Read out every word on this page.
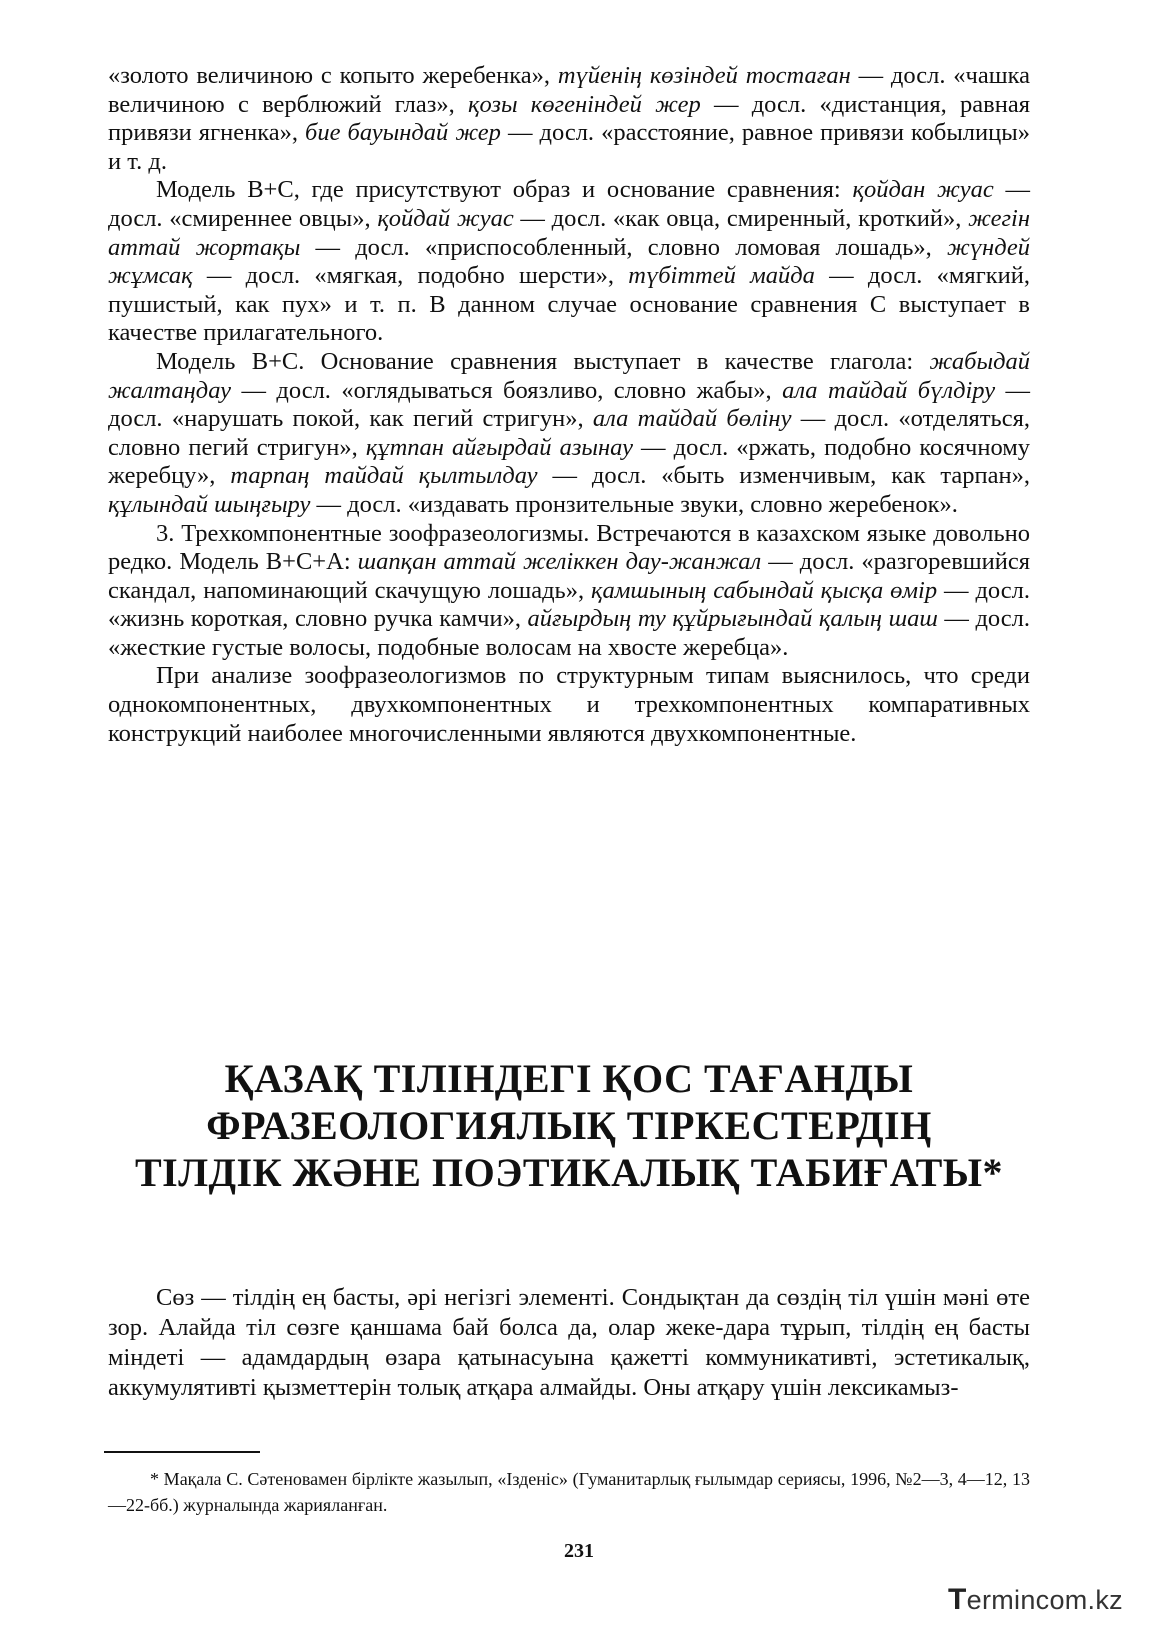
«золото величиною с копыто жеребенка», түйенің көзіндей тостаған — досл. «чашка величиною с верблюжий глаз», қозы көгеніндей жер — досл. «дистанция, равная привязи ягненка», бие бауындай жер — досл. «расстояние, равное привязи кобылицы» и т. д.

Модель В+С, где присутствуют образ и основание сравнения: қойдан жуас — досл. «смиреннее овцы», қойдай жуас — досл. «как овца, смиренный, кроткий», жегін аттай жортақы — досл. «приспособленный, словно ломовая лошадь», жүндей жұмсақ — досл. «мягкая, подобно шерсти», түбіттей майда — досл. «мягкий, пушистый, как пух» и т. п. В данном случае основание сравнения С выступает в качестве прилагательного.

Модель В+С. Основание сравнения выступает в качестве глагола: жабыдай жалтаңдау — досл. «оглядываться боязливо, словно жабы», ала тайдай бүлдіру — досл. «нарушать покой, как пегий стригун», ала тайдай бөліну — досл. «отделяться, словно пегий стригун», құтпан айғырдай азынау — досл. «ржать, подобно косячному жеребцу», тарпаң тайдай қылтылдау — досл. «быть изменчивым, как тарпан», құлындай шыңғыру — досл. «издавать пронзительные звуки, словно жеребенок».

3. Трехкомпонентные зоофразеологизмы. Встречаются в казахском языке довольно редко. Модель В+С+А: шапқан аттай желіккен дау-жанжал — досл. «разгоревшийся скандал, напоминающий скачущую лошадь», қамшының сабындай қысқа өмір — досл. «жизнь короткая, словно ручка камчи», айғырдың ту құйрығындай қалың шаш — досл. «жесткие густые волосы, подобные волосам на хвосте жеребца».

При анализе зоофразеологизмов по структурным типам выяснилось, что среди однокомпонентных, двухкомпонентных и трехкомпонентных компаративных конструкций наиболее многочисленными являются двухкомпонентные.

ҚАЗАҚ ТІЛІНДЕГІ ҚОС ТАҒАНДЫ
ФРАЗЕОЛОГИЯЛЫҚ ТІРКЕСТЕРДІҢ
ТІЛДІК ЖӘНЕ ПОЭТИКАЛЫҚ ТАБИҒАТЫ*

Сөз — тілдің ең басты, әрі негізгі элементі. Сондықтан да сөздің тіл үшін мәні өте зор. Алайда тіл сөзге қаншама бай болса да, олар жеке-дара тұрып, тілдің ең басты міндеті — адамдардың өзара қатынасуына қажетті коммуникативті, эстетикалық, аккумулятивті қызметтерін толық атқара алмайды. Оны атқару үшін лексикамыз-

* Мақала С. Сәтеновамен бірлікте жазылып, «Ізденіс» (Гуманитарлық ғылымдар сериясы, 1996, №2—3, 4—12, 13—22-бб.) журналында жарияланған.

231
Termincom.kz
